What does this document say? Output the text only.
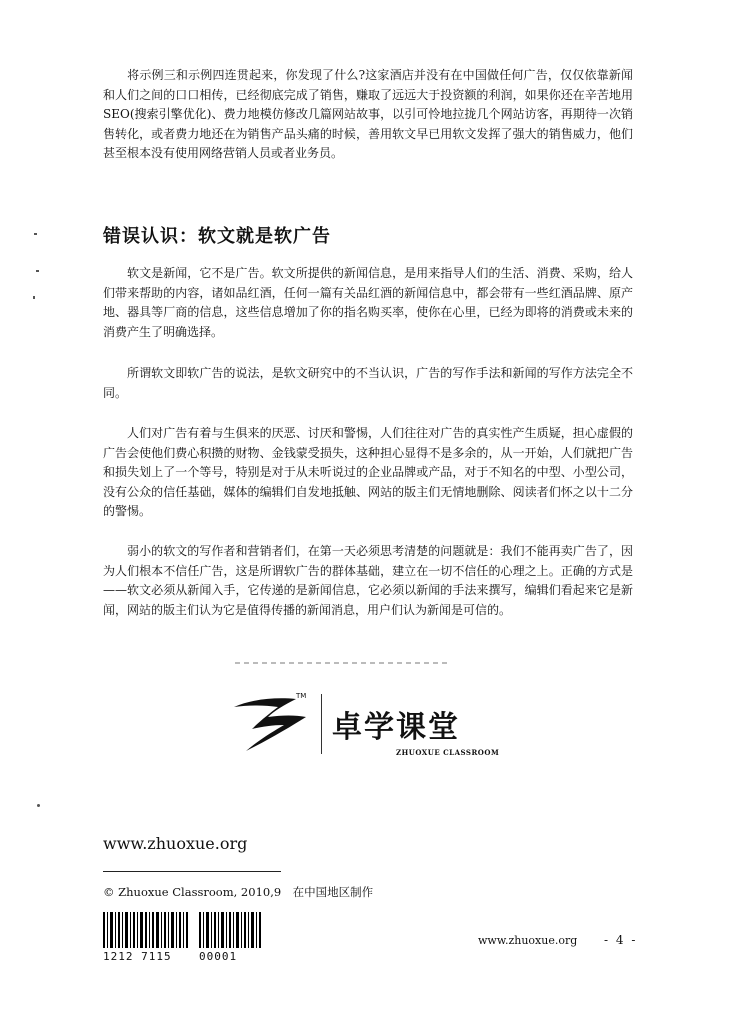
将示例三和示例四连贯起来，你发现了什么?这家酒店并没有在中国做任何广告，仅仅依靠新闻和人们之间的口口相传，已经彻底完成了销售，赚取了远远大于投资额的利润，如果你还在辛苦地用SEO(搜索引擎优化)、费力地模仿修改几篇网站故事，以引可怜地拉拢几个网站访客，再期待一次销售转化，或者费力地还在为销售产品头痛的时候，善用软文早已用软文发挥了强大的销售威力，他们甚至根本没有使用网络营销人员或者业务员。

错误认识：软文就是软广告

软文是新闻，它不是广告。软文所提供的新闻信息，是用来指导人们的生活、消费、采购，给人们带来帮助的内容，诸如品红酒，任何一篇有关品红酒的新闻信息中，都会带有一些红酒品牌、原产地、器具等厂商的信息，这些信息增加了你的指名购买率，使你在心里，已经为即将的消费或未来的消费产生了明确选择。

所谓软文即软广告的说法，是软文研究中的不当认识，广告的写作手法和新闻的写作方法完全不同。

人们对广告有着与生俱来的厌恶、讨厌和警惕，人们往往对广告的真实性产生质疑，担心虚假的广告会使他们费心积攒的财物、金钱蒙受损失，这种担心显得不是多余的，从一开始，人们就把广告和损失划上了一个等号，特别是对于从未听说过的企业品牌或产品，对于不知名的中型、小型公司，没有公众的信任基础，媒体的编辑们自发地抵触、网站的版主们无情地删除、阅读者们怀之以十二分的警惕。

弱小的软文的写作者和营销者们，在第一天必须思考清楚的问题就是：我们不能再卖广告了，因为人们根本不信任广告，这是所谓软广告的群体基础，建立在一切不信任的心理之上。正确的方式是——软文必须从新闻入手，它传递的是新闻信息，它必须以新闻的手法来撰写，编辑们看起来它是新闻，网站的版主们认为它是值得传播的新闻消息，用户们认为新闻是可信的。

TM
卓学课堂
ZHUOXUE CLASSROOM

www.zhuoxue.org

© Zhuoxue Classroom, 2010,9　在中国地区制作

1212 7115 00001

www.zhuoxue.org - 4 -
